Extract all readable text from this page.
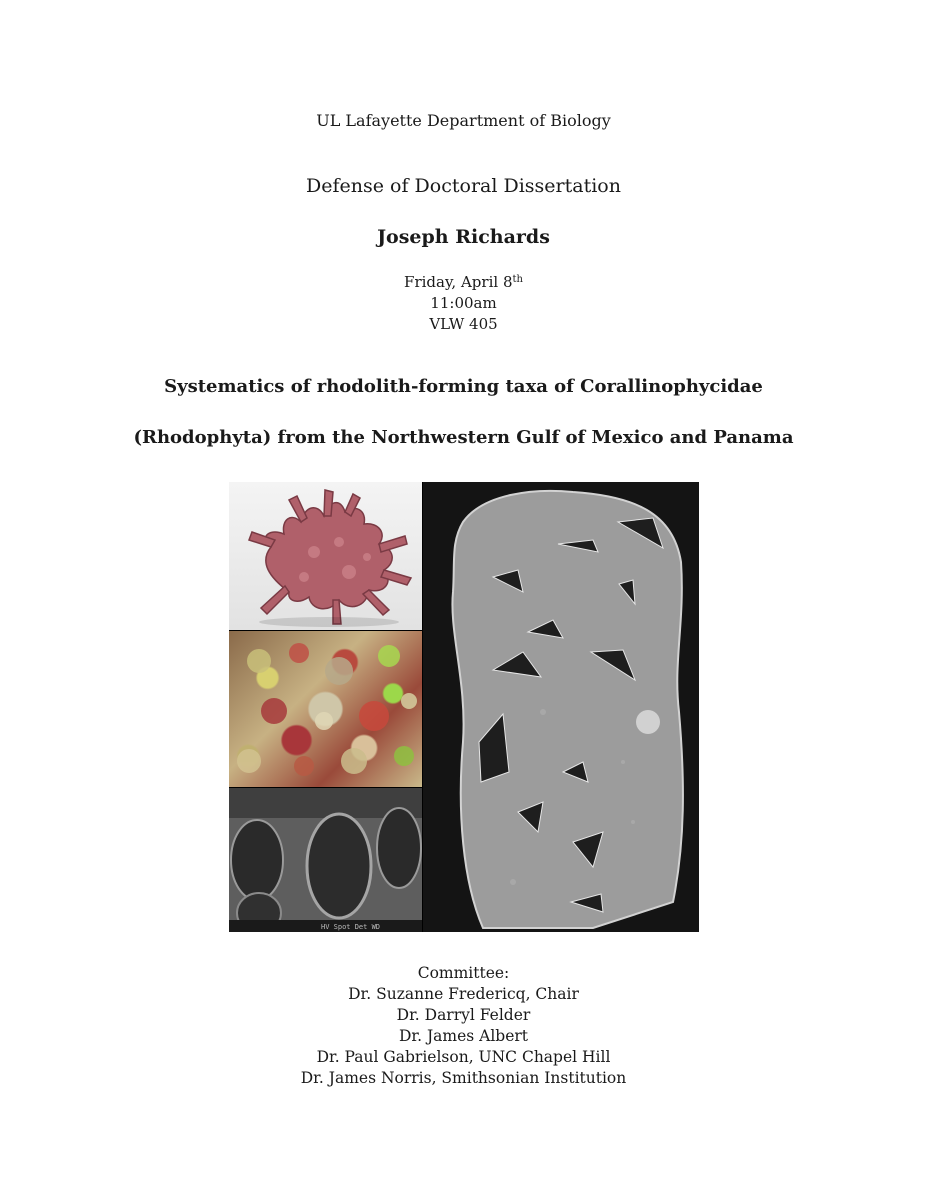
UL Lafayette Department of Biology
Defense of Doctoral Dissertation
Joseph Richards
Friday, April 8th
11:00am
VLW 405
Systematics of rhodolith-forming taxa of Corallinophycidae
(Rhodophyta) from the Northwestern Gulf of Mexico and Panama
HV Spot Det WD
Committee:
Dr. Suzanne Fredericq, Chair
Dr. Darryl Felder
Dr. James Albert
Dr. Paul Gabrielson, UNC Chapel Hill
Dr. James Norris, Smithsonian Institution
